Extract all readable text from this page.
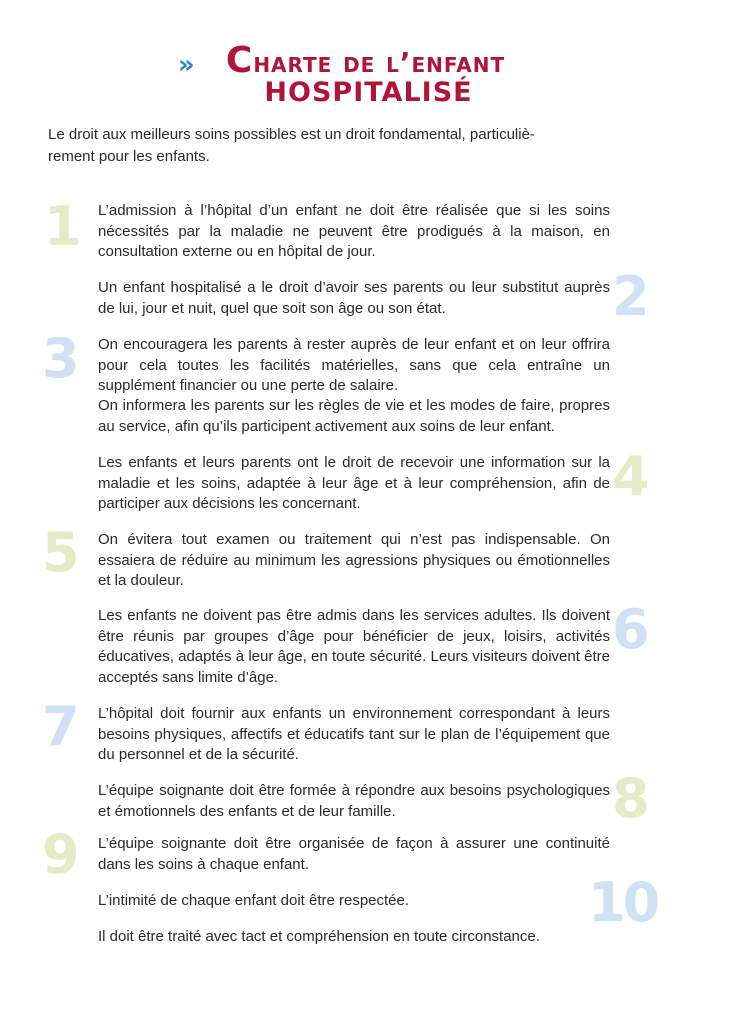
» Charte de l’enfant
HOSPITALISÉ
Le droit aux meilleurs soins possibles est un droit fondamental, particulièrement pour les enfants.
1 L’admission à l’hôpital d’un enfant ne doit être réalisée que si les soins nécessités par la maladie ne peuvent être prodigués à la maison, en consultation externe ou en hôpital de jour.
2
Un enfant hospitalisé a le droit d’avoir ses parents ou leur substitut auprès de lui, jour et nuit, quel que soit son âge ou son état.
3 On encouragera les parents à rester auprès de leur enfant et on leur offrira pour cela toutes les facilités matérielles, sans que cela entraîne un supplément financier ou une perte de salaire.
On informera les parents sur les règles de vie et les modes de faire, propres au service, afin qu’ils participent activement aux soins de leur enfant.
4
Les enfants et leurs parents ont le droit de recevoir une information sur la maladie et les soins, adaptée à leur âge et à leur compréhension, afin de participer aux décisions les concernant.
5 On évitera tout examen ou traitement qui n’est pas indispensable. On essaiera de réduire au minimum les agressions physiques ou émotionnelles et la douleur.
6
Les enfants ne doivent pas être admis dans les services adultes. Ils doivent être réunis par groupes d’âge pour bénéficier de jeux, loisirs, activités éducatives, adaptés à leur âge, en toute sécurité. Leurs visiteurs doivent être acceptés sans limite d’âge.
7 L’hôpital doit fournir aux enfants un environnement correspondant à leurs besoins physiques, affectifs et éducatifs tant sur le plan de l’équipement que du personnel et de la sécurité.
8
L’équipe soignante doit être formée à répondre aux besoins psychologiques et émotionnels des enfants et de leur famille.
9 L’équipe soignante doit être organisée de façon à assurer une continuité dans les soins à chaque enfant.
10
L’intimité de chaque enfant doit être respectée.
Il doit être traité avec tact et compréhension en toute circonstance.
